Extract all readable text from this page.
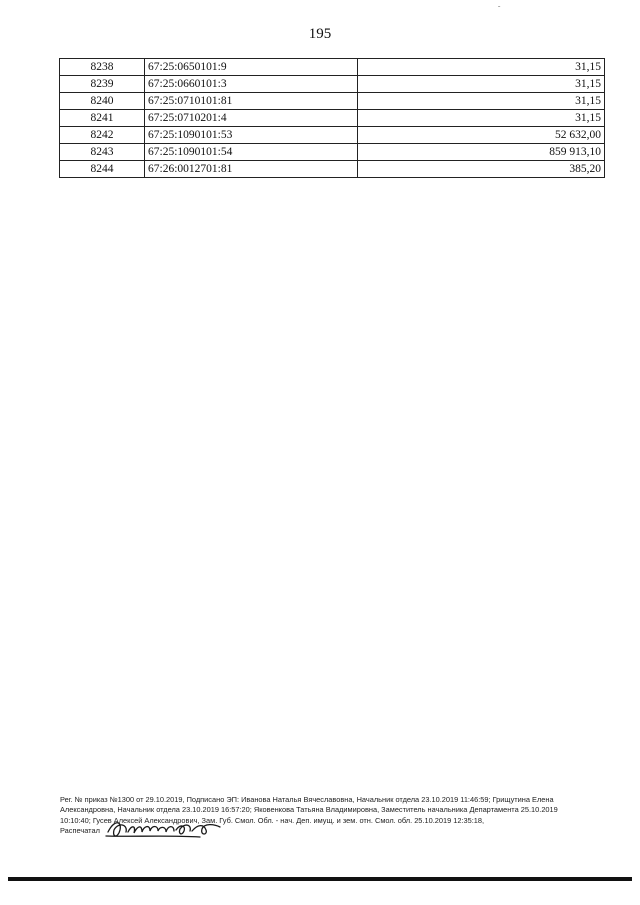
195
ˇ
8238	67:25:0650101:9	31,15
8239	67:25:0660101:3	31,15
8240	67:25:0710101:81	31,15
8241	67:25:0710201:4	31,15
8242	67:25:1090101:53	52 632,00
8243	67:25:1090101:54	859 913,10
8244	67:26:0012701:81	385,20
Рег. № приказ №1300 от 29.10.2019, Подписано ЭП: Иванова Наталья Вячеславовна, Начальник отдела 23.10.2019 11:46:59; Грищутина Елена
Александровна, Начальник отдела 23.10.2019 16:57:20; Яковенкова Татьяна Владимировна, Заместитель начальника Департамента 25.10.2019
10:10:40; Гусев Алексей Александрович, Зам. Губ. Смол. Обл. - нач. Деп. имущ. и зем. отн. Смол. обл. 25.10.2019 12:35:18,
Распечатал
